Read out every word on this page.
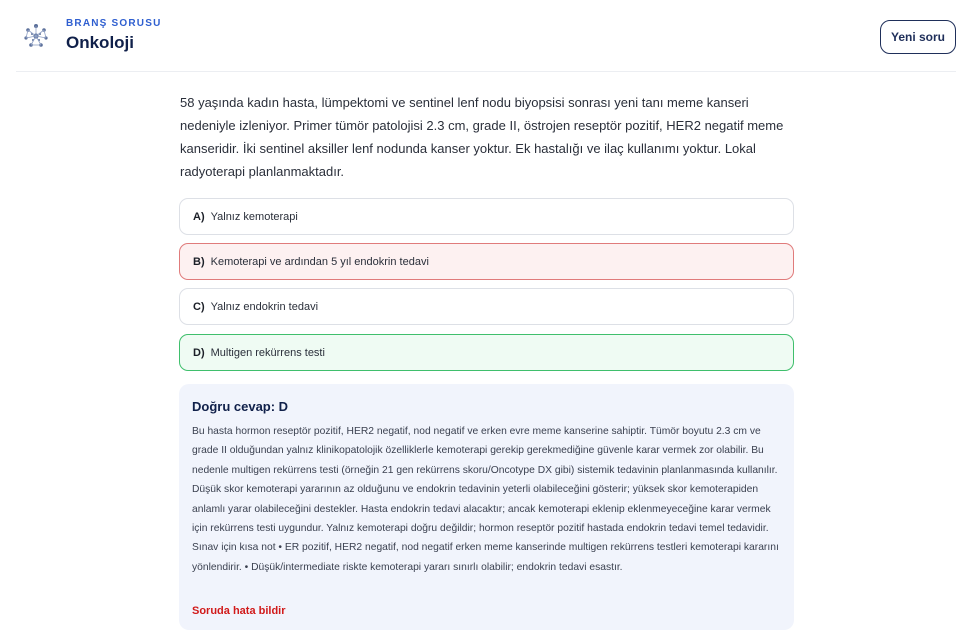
BRANŞ SORUSU
Onkoloji	Yeni soru
58 yaşında kadın hasta, lümpektomi ve sentinel lenf nodu biyopsisi sonrası yeni tanı meme kanseri nedeniyle izleniyor. Primer tümör patolojisi 2.3 cm, grade II, östrojen reseptör pozitif, HER2 negatif meme kanseridir. İki sentinel aksiller lenf nodunda kanser yoktur. Ek hastalığı ve ilaç kullanımı yoktur. Lokal radyoterapi planlanmaktadır.
A) Yalnız kemoterapi
B) Kemoterapi ve ardından 5 yıl endokrin tedavi
C) Yalnız endokrin tedavi
D) Multigen rekürrens testi
Doğru cevap: D
Bu hasta hormon reseptör pozitif, HER2 negatif, nod negatif ve erken evre meme kanserine sahiptir. Tümör boyutu 2.3 cm ve grade II olduğundan yalnız klinikopatolojik özelliklerle kemoterapi gerekip gerekmediğine güvenle karar vermek zor olabilir. Bu nedenle multigen rekürrens testi (örneğin 21 gen rekürrens skoru/Oncotype DX gibi) sistemik tedavinin planlanmasında kullanılır. Düşük skor kemoterapi yararının az olduğunu ve endokrin tedavinin yeterli olabileceğini gösterir; yüksek skor kemoterapiden anlamlı yarar olabileceğini destekler. Hasta endokrin tedavi alacaktır; ancak kemoterapi eklenip eklenmeyeceğine karar vermek için rekürrens testi uygundur. Yalnız kemoterapi doğru değildir; hormon reseptör pozitif hastada endokrin tedavi temel tedavidir. Sınav için kısa not • ER pozitif, HER2 negatif, nod negatif erken meme kanserinde multigen rekürrens testleri kemoterapi kararını yönlendirir. • Düşük/intermediate riskte kemoterapi yararı sınırlı olabilir; endokrin tedavi esastır.
Soruda hata bildir
